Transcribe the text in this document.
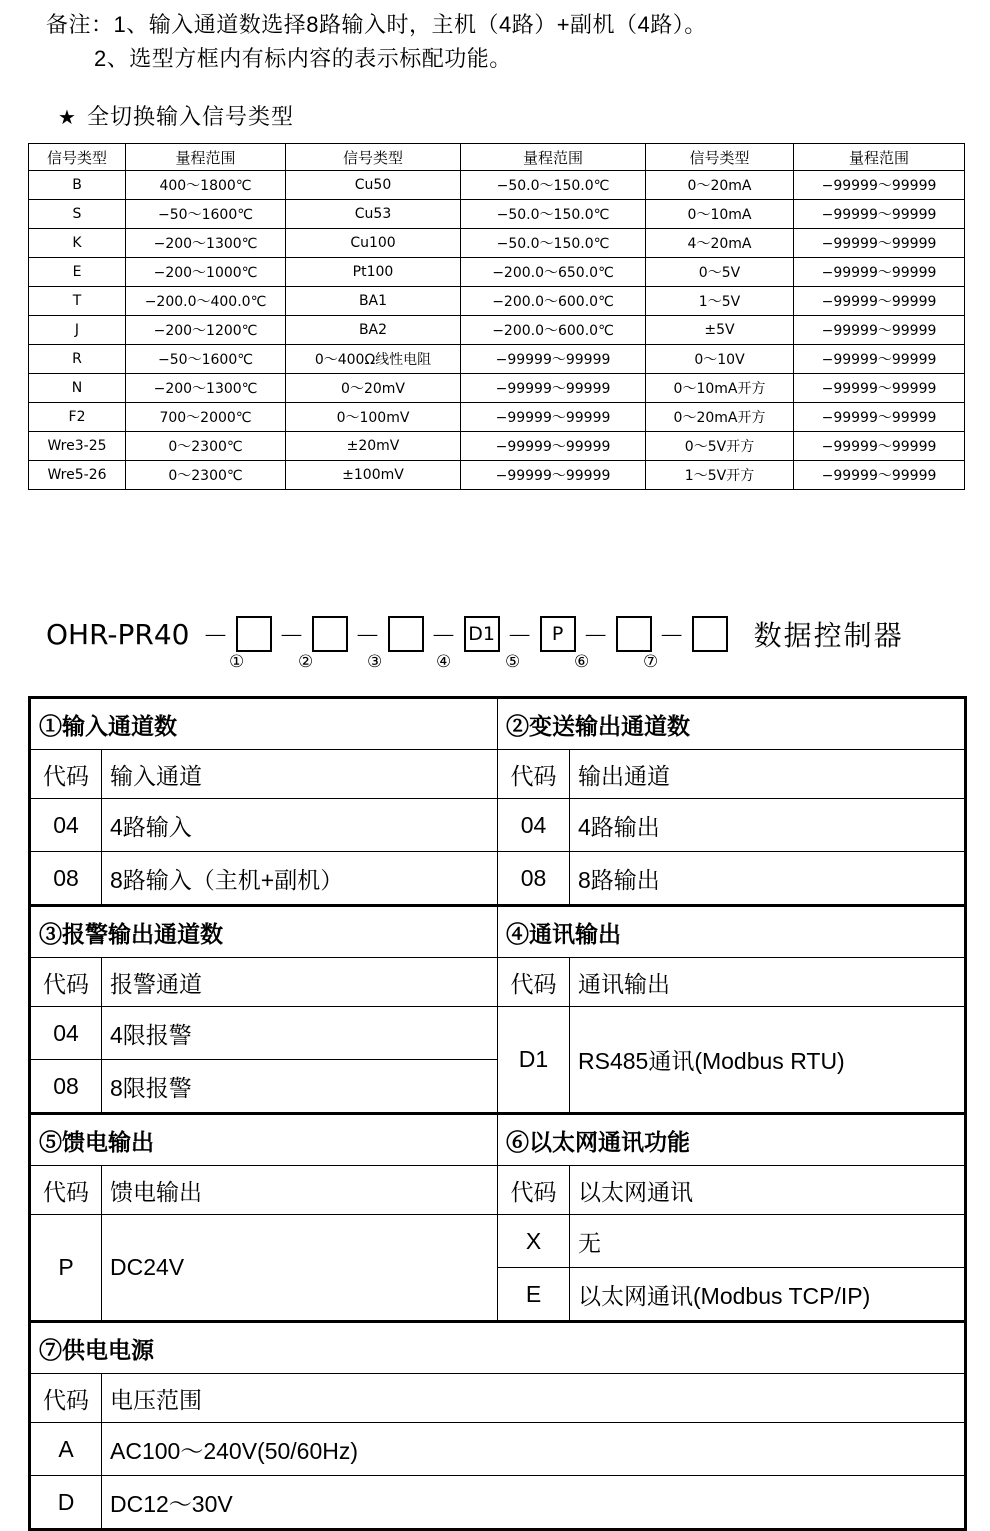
备注：1、输入通道数选择8路输入时，主机（4路）+副机（4路）。
2、选型方框内有标内容的表示标配功能。
★ 全切换输入信号类型
信号类型	量程范围	信号类型	量程范围	信号类型	量程范围
B	400～1800℃	Cu50	−50.0～150.0℃	0～20mA	−99999～99999
S	−50～1600℃	Cu53	−50.0～150.0℃	0～10mA	−99999～99999
K	−200～1300℃	Cu100	−50.0～150.0℃	4～20mA	−99999～99999
E	−200～1000℃	Pt100	−200.0～650.0℃	0～5V	−99999～99999
T	−200.0～400.0℃	BA1	−200.0～600.0℃	1～5V	−99999～99999
J	−200～1200℃	BA2	−200.0～600.0℃	±5V	−99999～99999
R	−50～1600℃	0～400Ω线性电阻	−99999～99999	0～10V	−99999～99999
N	−200～1300℃	0～20mV	−99999～99999	0～10mA开方	−99999～99999
F2	700～2000℃	0～100mV	−99999～99999	0～20mA开方	−99999～99999
Wre3-25	0～2300℃	±20mV	−99999～99999	0～5V开方	−99999～99999
Wre5-26	0～2300℃	±100mV	−99999～99999	1～5V开方	−99999～99999
OHR-PR40 － － － － D1 －	P － － 数据控制器
①	②	③	④	⑤	⑥	⑦
①输入通道数		②变送输出通道数	
代码	输入通道	代码	输出通道
04	4路输入	04	4路输出
08	8路输入（主机+副机）	08	8路输出
③报警输出通道数		④通讯输出	
代码	报警通道	代码	通讯输出
04	4限报警	D1	RS485通讯(Modbus RTU)
08	8限报警		
⑤馈电输出		⑥以太网通讯功能	
代码	馈电输出	代码	以太网通讯
P	DC24V	X	无
		E	以太网通讯(Modbus TCP/IP)
⑦供电电源			
代码	电压范围		
A	AC100～240V(50/60Hz)		
D	DC12～30V		
